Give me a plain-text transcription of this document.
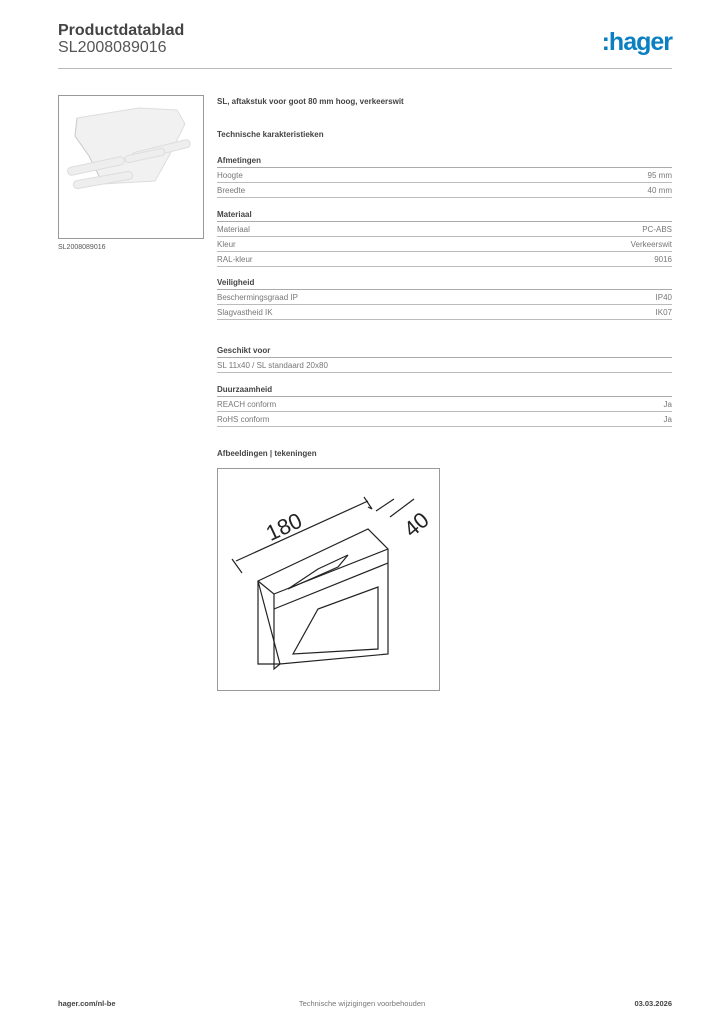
Productdatablad
SL2008089016	:hager
SL2008089016
SL, aftakstuk voor goot 80 mm hoog, verkeerswit
Technische karakteristieken
Afmetingen
Hoogte	95 mm
Breedte	40 mm
Materiaal
Materiaal	PC-ABS
Kleur	Verkeerswit
RAL-kleur	9016
Veiligheid
Beschermingsgraad IP	IP40
Slagvastheid IK	IK07
Geschikt voor
SL 11x40 / SL standaard 20x80
Duurzaamheid
REACH conform	Ja
RoHS conform	Ja
Afbeeldingen | tekeningen
180	40
hager.com/nl-be	Technische wijzigingen voorbehouden	03.03.2026
